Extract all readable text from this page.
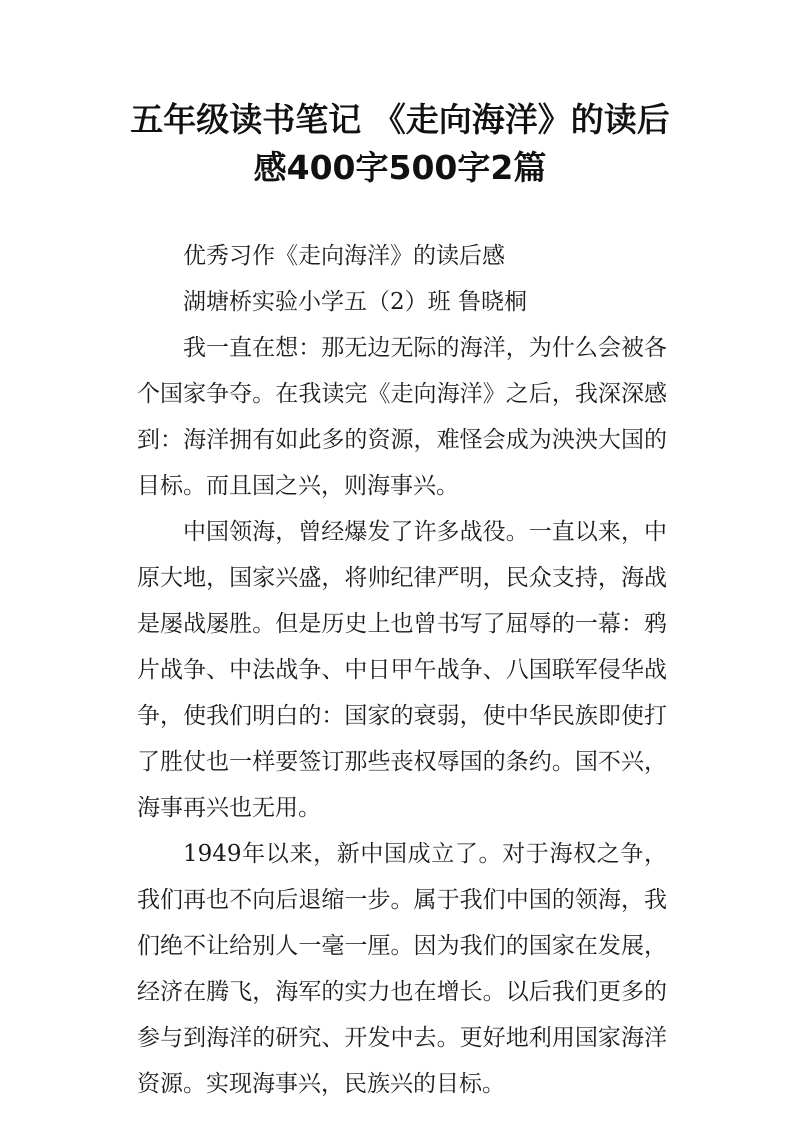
五年级读书笔记 《走向海洋》的读后
感400字500字2篇

优秀习作《走向海洋》的读后感

湖塘桥实验小学五（2）班 鲁晓桐

我一直在想：那无边无际的海洋，为什么会被各个国家争夺。在我读完《走向海洋》之后，我深深感到：海洋拥有如此多的资源，难怪会成为泱泱大国的目标。而且国之兴，则海事兴。

中国领海，曾经爆发了许多战役。一直以来，中原大地，国家兴盛，将帅纪律严明，民众支持，海战是屡战屡胜。但是历史上也曾书写了屈辱的一幕：鸦片战争、中法战争、中日甲午战争、八国联军侵华战争，使我们明白的：国家的衰弱，使中华民族即使打了胜仗也一样要签订那些丧权辱国的条约。国不兴，海事再兴也无用。

1949年以来，新中国成立了。对于海权之争，我们再也不向后退缩一步。属于我们中国的领海，我们绝不让给别人一毫一厘。因为我们的国家在发展，经济在腾飞，海军的实力也在增长。以后我们更多的参与到海洋的研究、开发中去。更好地利用国家海洋资源。实现海事兴，民族兴的目标。
